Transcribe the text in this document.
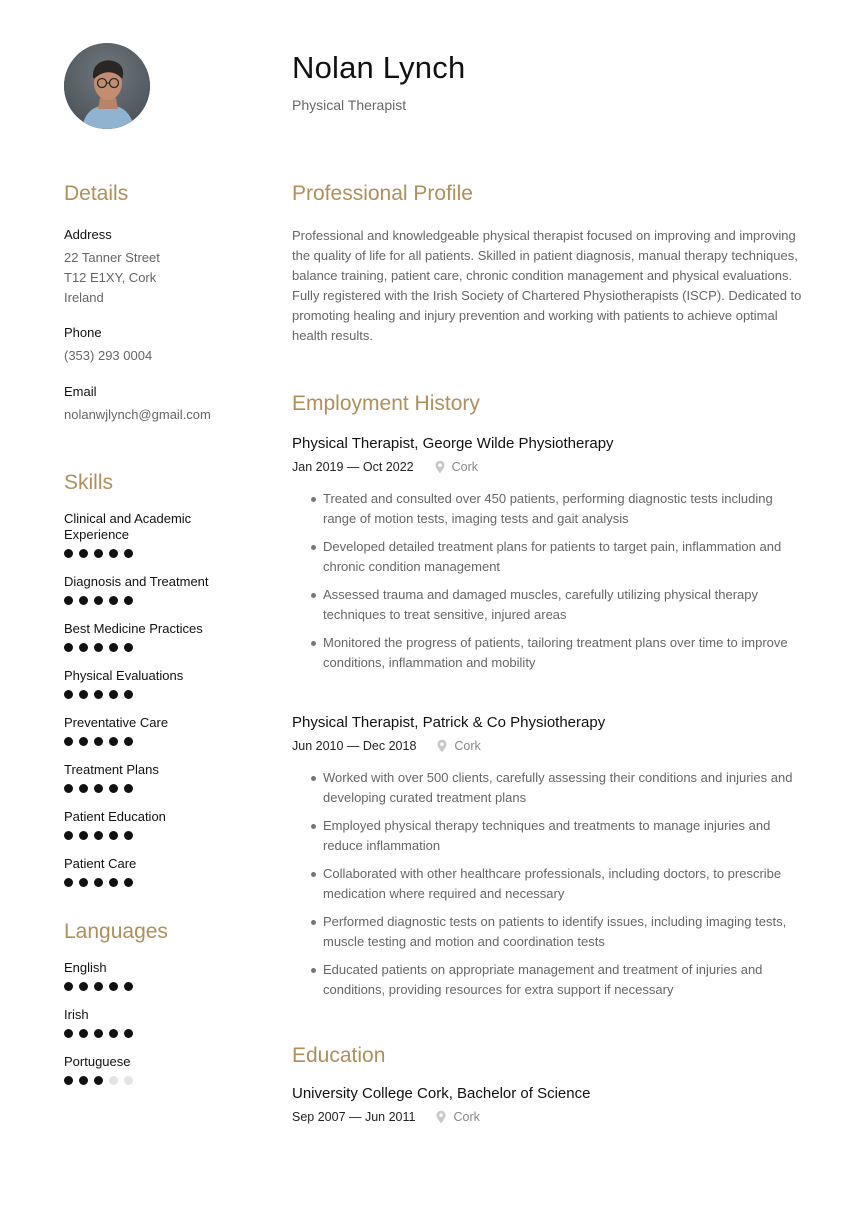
Nolan Lynch
Physical Therapist
Details
Address
22 Tanner Street
T12 E1XY, Cork
Ireland
Phone
(353) 293 0004
Email
nolanwjlynch@gmail.com
Skills
Clinical and Academic Experience
Diagnosis and Treatment
Best Medicine Practices
Physical Evaluations
Preventative Care
Treatment Plans
Patient Education
Patient Care
Languages
English
Irish
Portuguese
Professional Profile

Professional and knowledgeable physical therapist focused on improving and improving the quality of life for all patients. Skilled in patient diagnosis, manual therapy techniques, balance training, patient care, chronic condition management and physical evaluations. Fully registered with the Irish Society of Chartered Physiotherapists (ISCP). Dedicated to promoting healing and injury prevention and working with patients to achieve optimal health results.

Employment History
Physical Therapist, George Wilde Physiotherapy
Jan 2019 — Oct 2022	Cork
Treated and consulted over 450 patients, performing diagnostic tests including range of motion tests, imaging tests and gait analysis
Developed detailed treatment plans for patients to target pain, inflammation and chronic condition management
Assessed trauma and damaged muscles, carefully utilizing physical therapy techniques to treat sensitive, injured areas
Monitored the progress of patients, tailoring treatment plans over time to improve conditions, inflammation and mobility
Physical Therapist, Patrick & Co Physiotherapy
Jun 2010 — Dec 2018	Cork
Worked with over 500 clients, carefully assessing their conditions and injuries and developing curated treatment plans
Employed physical therapy techniques and treatments to manage injuries and reduce inflammation
Collaborated with other healthcare professionals, including doctors, to prescribe medication where required and necessary
Performed diagnostic tests on patients to identify issues, including imaging tests, muscle testing and motion and coordination tests
Educated patients on appropriate management and treatment of injuries and conditions, providing resources for extra support if necessary
Education
University College Cork, Bachelor of Science
Sep 2007 — Jun 2011	Cork
